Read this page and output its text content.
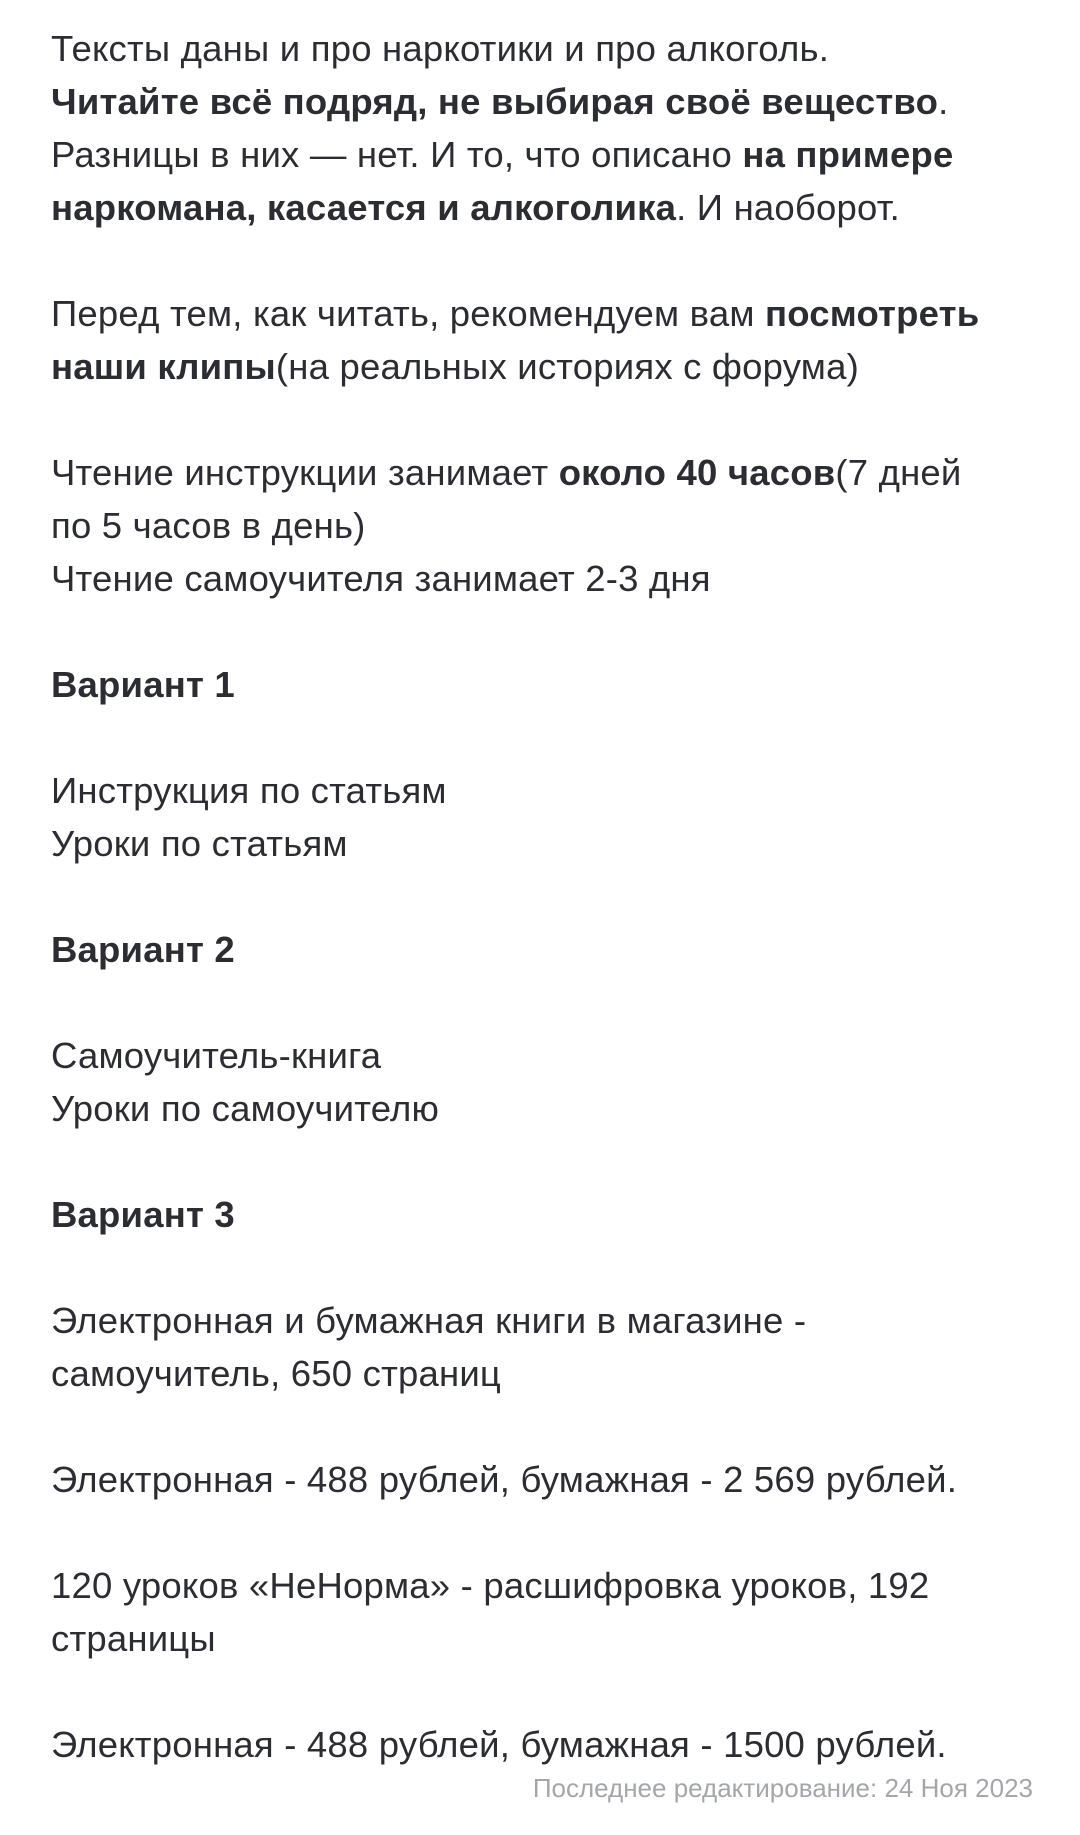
Тексты даны и про наркотики и про алкоголь.
Читайте всё подряд, не выбирая своё вещество.
Разницы в них — нет. И то, что описано на примере
наркомана, касается и алкоголика. И наоборот.
Перед тем, как читать, рекомендуем вам посмотреть
наши клипы(на реальных историях с форума)
Чтение инструкции занимает около 40 часов(7 дней
по 5 часов в день)
Чтение самоучителя занимает 2-3 дня
Вариант 1
Инструкция по статьям
Уроки по статьям
Вариант 2
Самоучитель-книга
Уроки по самоучителю
Вариант 3
Электронная и бумажная книги в магазине -
самоучитель, 650 страниц
Электронная - 488 рублей, бумажная - 2 569 рублей.
120 уроков «НеНорма» - расшифровка уроков, 192
страницы
Электронная - 488 рублей, бумажная - 1500 рублей.
Последнее редактирование: 24 Ноя 2023
